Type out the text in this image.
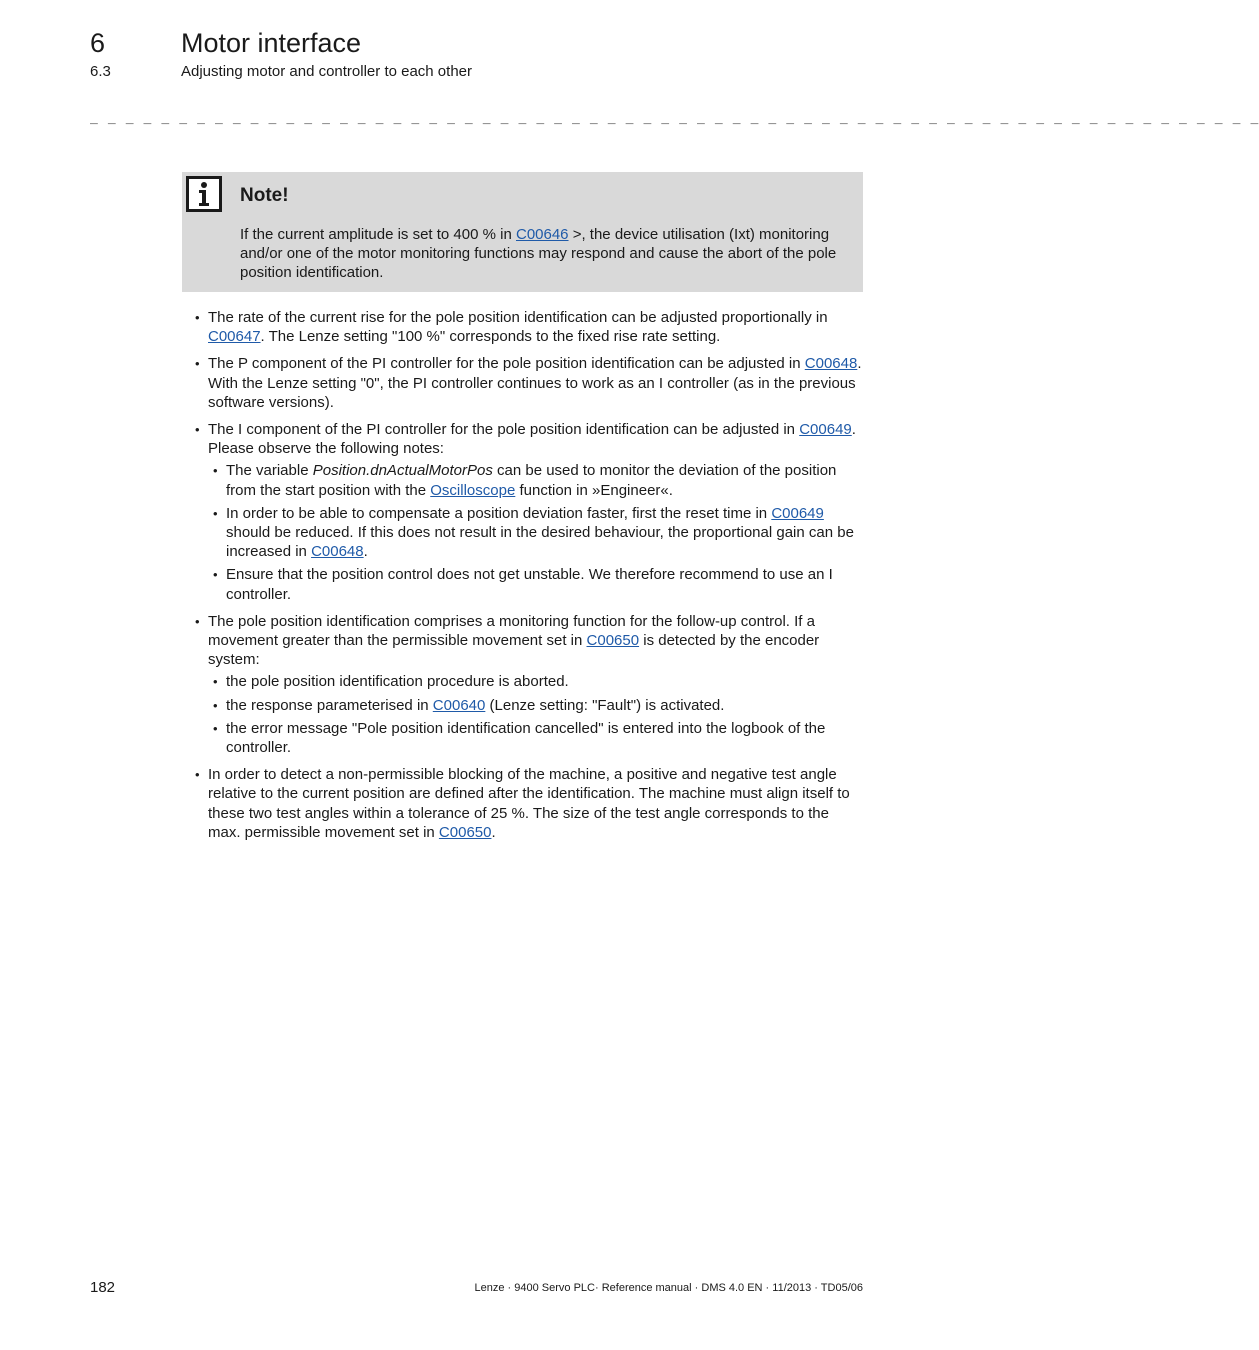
6	Motor interface
6.3	Adjusting motor and controller to each other
_ _ _ _ _ _ _ _ _ _ _ _ _ _ _ _ _ _ _ _ _ _ _ _ _ _ _ _ _ _ _ _ _ _ _ _ _ _ _ _ _ _ _ _ _ _ _ _ _ _ _ _ _ _ _ _ _ _ _ _ _ _ _ _ _ _
Note!
If the current amplitude is set to 400 % in C00646 >, the device utilisation (Ixt) monitoring and/or one of the motor monitoring functions may respond and cause the abort of the pole position identification.
• The rate of the current rise for the pole position identification can be adjusted proportionally in C00647. The Lenze setting "100 %" corresponds to the fixed rise rate setting.
• The P component of the PI controller for the pole position identification can be adjusted in C00648. With the Lenze setting "0", the PI controller continues to work as an I controller (as in the previous software versions).
• The I component of the PI controller for the pole position identification can be adjusted in C00649. Please observe the following notes:
• The variable Position.dnActualMotorPos can be used to monitor the deviation of the position from the start position with the Oscilloscope function in »Engineer«.
• In order to be able to compensate a position deviation faster, first the reset time in C00649 should be reduced. If this does not result in the desired behaviour, the proportional gain can be increased in C00648.
• Ensure that the position control does not get unstable. We therefore recommend to use an I controller.
• The pole position identification comprises a monitoring function for the follow-up control. If a movement greater than the permissible movement set in C00650 is detected by the encoder system:
• the pole position identification procedure is aborted.
• the response parameterised in C00640 (Lenze setting: "Fault") is activated.
• the error message "Pole position identification cancelled" is entered into the logbook of the controller.
• In order to detect a non-permissible blocking of the machine, a positive and negative test angle relative to the current position are defined after the identification. The machine must align itself to these two test angles within a tolerance of 25 %. The size of the test angle corresponds to the max. permissible movement set in C00650.
182	Lenze · 9400 Servo PLC· Reference manual · DMS 4.0 EN · 11/2013 · TD05/06
